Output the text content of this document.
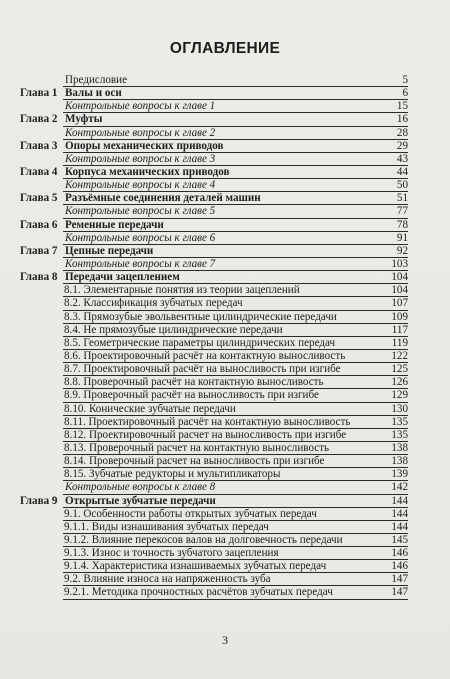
ОГЛАВЛЕНИЕ
Предисловие	5
Глава 1 Валы и оси	6
Контрольные вопросы к главе 1	15
Глава 2 Муфты	16
Контрольные вопросы к главе 2	28
Глава 3 Опоры механических приводов	29
Контрольные вопросы к главе 3	43
Глава 4 Корпуса механических приводов	44
Контрольные вопросы к главе 4	50
Глава 5 Разъёмные соединения деталей машин	51
Контрольные вопросы к главе 5	77
Глава 6 Ременные передачи	78
Контрольные вопросы к главе 6	91
Глава 7 Цепные передачи	92
Контрольные вопросы к главе 7	103
Глава 8 Передачи зацеплением	104
8.1. Элементарные понятия из теории зацеплений	104
8.2. Классификация зубчатых передач	107
8.3. Прямозубые эвольвентные цилиндрические передачи	109
8.4. Не прямозубые цилиндрические передачи	117
8.5. Геометрические параметры цилиндрических передач	119
8.6. Проектировочный расчёт на контактную выносливость	122
8.7. Проектировочный расчёт на выносливость при изгибе	125
8.8. Проверочный расчёт на контактную выносливость	126
8.9. Проверочный расчёт на выносливость при изгибе	129
8.10. Конические зубчатые передачи	130
8.11. Проектировочный расчёт на контактную выносливость	135
8.12. Проектировочный расчет на выносливость при изгибе	135
8.13. Проверочный расчет на контактную выносливость	138
8.14. Проверочный расчет на выносливость при изгибе	138
8.15. Зубчатые редукторы и мультипликаторы	139
Контрольные вопросы к главе 8	142
Глава 9 Открытые зубчатые передачи	144
9.1. Особенности работы открытых зубчатых передач	144
9.1.1. Виды изнашивания зубчатых передач	144
9.1.2. Влияние перекосов валов на долговечность передачи	145
9.1.3. Износ и точность зубчатого зацепления	146
9.1.4. Характеристика изнашиваемых зубчатых передач	146
9.2. Влияние износа на напряженность зуба	147
9.2.1. Методика прочностных расчётов зубчатых передач	147
3
